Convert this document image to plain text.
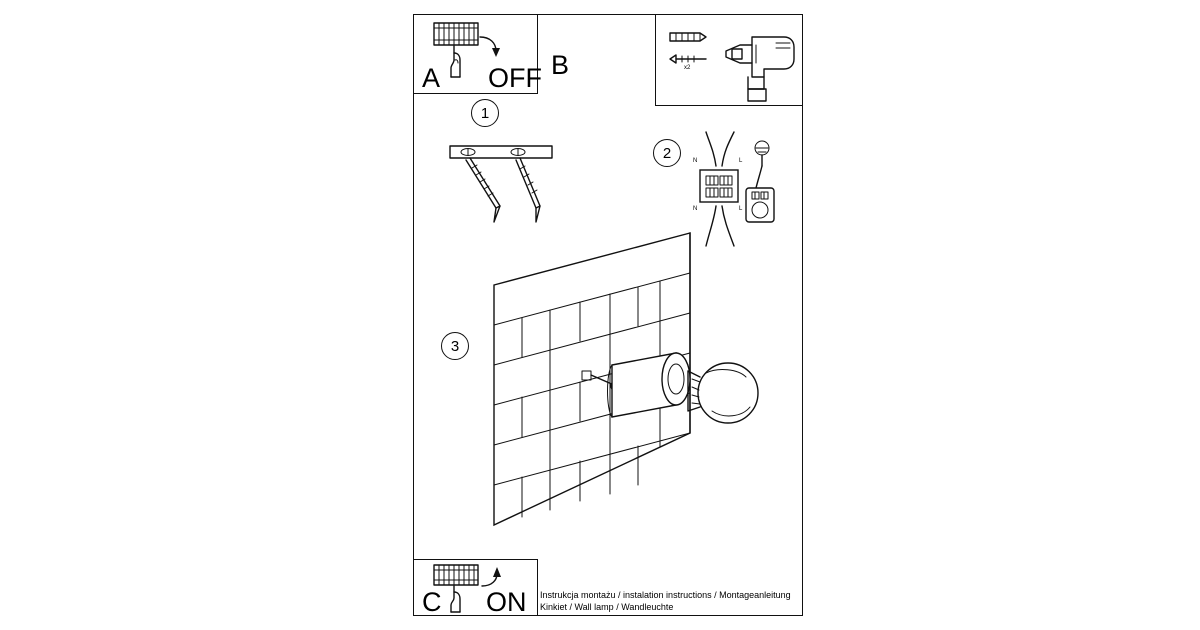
A OFF B	x2
1
2	N	L
N	L
3
C ON Instrukcja montażu / instalation instructions / Montageanleitung
Kinkiet / Wall lamp / Wandleuchte
